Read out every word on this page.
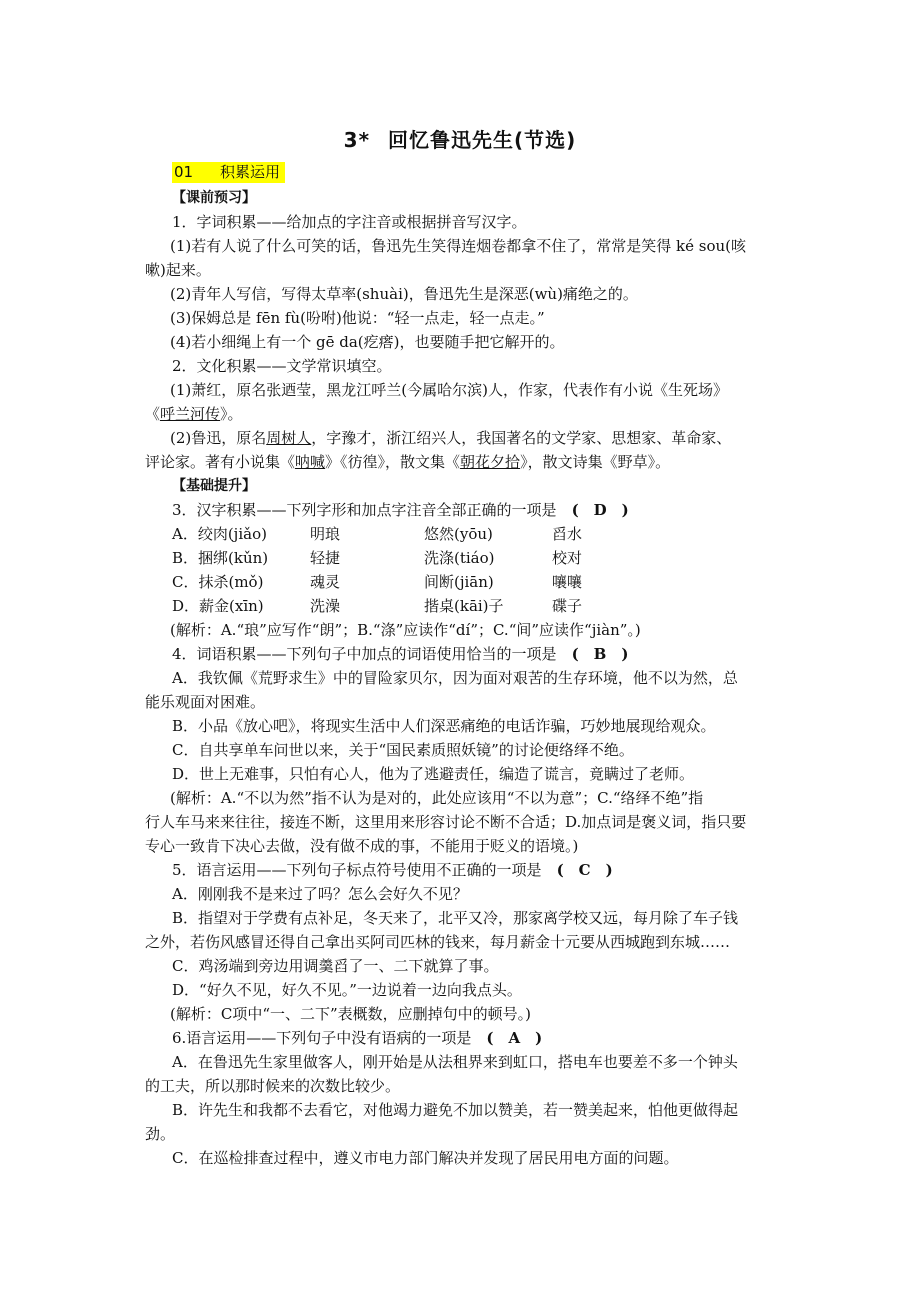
3* 回忆鲁迅先生(节选)
01 积累运用
【课前预习】
1．字词积累——给加点的字注音或根据拼音写汉字。
(1)若有人说了什么可笑的话，鲁迅先生笑得连烟卷都拿不住了，常常是笑得 ké sou(咳
嗽)起来。
(2)青年人写信，写得太草率(shuài)，鲁迅先生是深恶(wù)痛绝之的。
(3)保姆总是 fēn fù(吩咐)他说：“轻一点走，轻一点走。”
(4)若小细绳上有一个 gē da(疙瘩)，也要随手把它解开的。
2．文化积累——文学常识填空。
(1)萧红，原名张迺莹，黑龙江呼兰(今属哈尔滨)人，作家，代表作有小说《生死场》
《呼兰河传》。
(2)鲁迅，原名周树人，字豫才，浙江绍兴人，我国著名的文学家、思想家、革命家、
评论家。著有小说集《呐喊》《彷徨》，散文集《朝花夕拾》，散文诗集《野草》。
【基础提升】
3．汉字积累——下列字形和加点字注音全部正确的一项是　 (　D　)
A．绞肉(jiǎo)	明琅	悠然(yōu)	舀水
B．捆绑(kǔn)	轻捷	洗涤(tiáo)	校对
C．抹杀(mǒ)	魂灵	间断(jiān)	嚷嚷
D．薪金(xīn)	洗澡	揩桌(kāi)子	碟子
(解析：A.“琅”应写作“朗”；B.“涤”应读作“dí”；C.“间”应读作“jiàn”。)
4．词语积累——下列句子中加点的词语使用恰当的一项是　 (　B　)
A．我钦佩《荒野求生》中的冒险家贝尔，因为面对艰苦的生存环境，他不以为然，总
能乐观面对困难。
B．小品《放心吧》，将现实生活中人们深恶痛绝的电话诈骗，巧妙地展现给观众。
C．自共享单车问世以来，关于“国民素质照妖镜”的讨论便络绎不绝。
D．世上无难事，只怕有心人，他为了逃避责任，编造了谎言，竟瞒过了老师。
(解析：A.“不以为然”指不认为是对的，此处应该用“不以为意”；C.“络绎不绝”指
行人车马来来往往，接连不断，这里用来形容讨论不断不合适；D.加点词是褒义词，指只要
专心一致肯下决心去做，没有做不成的事，不能用于贬义的语境。)
5．语言运用——下列句子标点符号使用不正确的一项是　 (　C　)
A．刚刚我不是来过了吗？怎么会好久不见？
B．指望对于学费有点补足，冬天来了，北平又冷，那家离学校又远，每月除了车子钱
之外，若伤风感冒还得自己拿出买阿司匹林的钱来，每月薪金十元要从西城跑到东城……
C．鸡汤端到旁边用调羹舀了一、二下就算了事。
D．“好久不见，好久不见。”一边说着一边向我点头。
(解析：C项中“一、二下”表概数，应删掉句中的顿号。)
6.语言运用——下列句子中没有语病的一项是　 (　A　)
A．在鲁迅先生家里做客人，刚开始是从法租界来到虹口，搭电车也要差不多一个钟头
的工夫，所以那时候来的次数比较少。
B．许先生和我都不去看它，对他竭力避免不加以赞美，若一赞美起来，怕他更做得起
劲。
C．在巡检排查过程中，遵义市电力部门解决并发现了居民用电方面的问题。
